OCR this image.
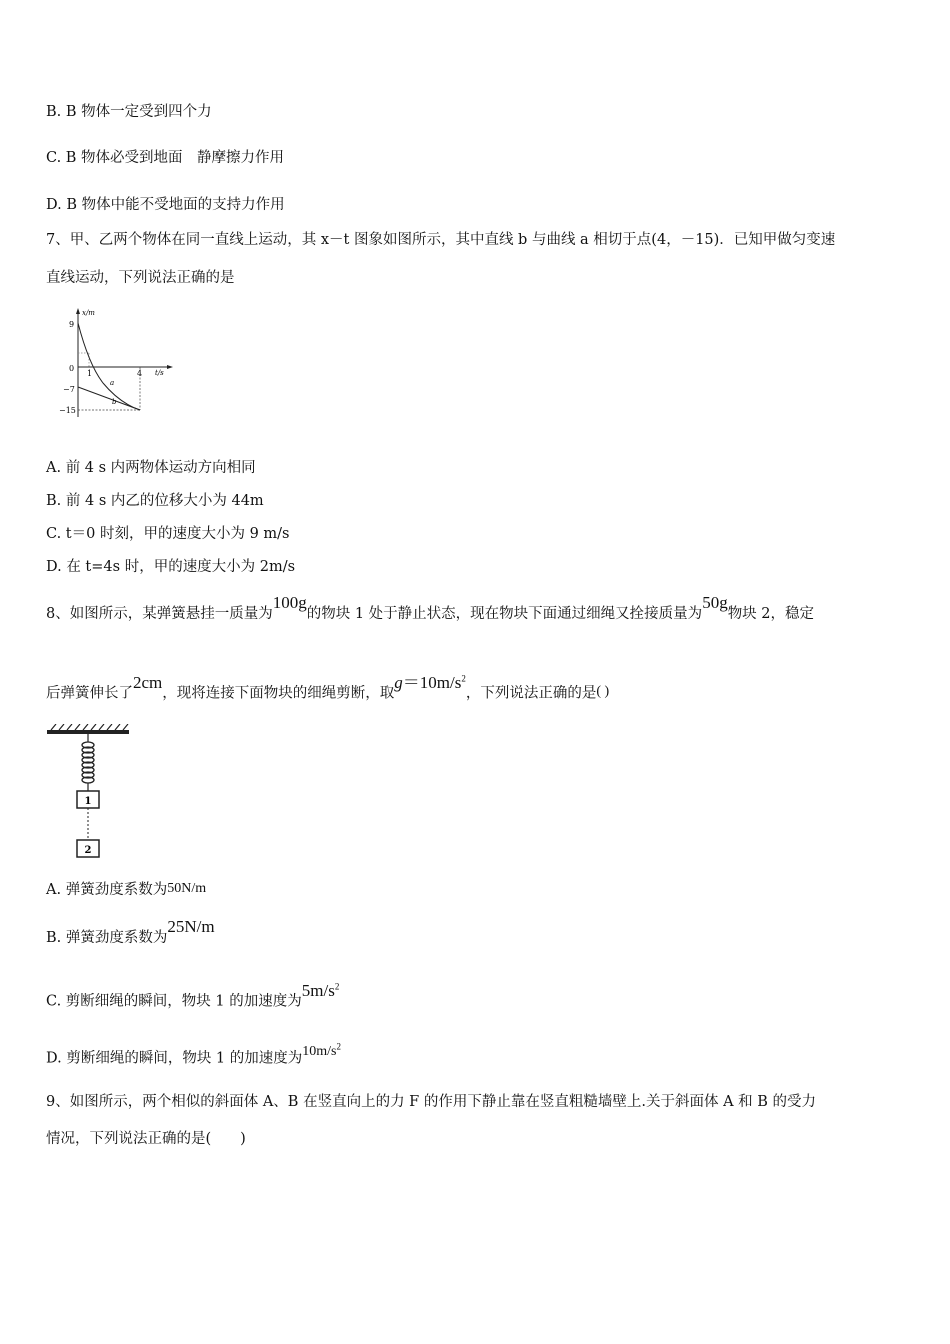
B. B 物体一定受到四个力
C. B 物体必受到地面　静摩擦力作用
D. B 物体中能不受地面的支持力作用
7、甲、乙两个物体在同一直线上运动，其 x－t 图象如图所示，其中直线 b 与曲线 a 相切于点(4，－15)．已知甲做匀变速
直线运动，下列说法正确的是
x/m
t/s
9
0
−7
−15
1	4
a
b
A. 前 4 s 内两物体运动方向相同
B. 前 4 s 内乙的位移大小为 44m
C. t＝0 时刻，甲的速度大小为 9 m/s
D. 在 t=4s 时，甲的速度大小为 2m/s
8、如图所示，某弹簧悬挂一质量为100g的物块 1 处于静止状态，现在物块下面通过细绳又拴接质量为50g物块 2，稳定
后弹簧伸长了2cm，现将连接下面物块的细绳剪断，取$g=10m/s^2$，下列说法正确的是( )
1
2
A. 弹簧劲度系数为50N/m
B. 弹簧劲度系数为25N/m
C. 剪断细绳的瞬间，物块 1 的加速度为$5m/s^2$
D. 剪断细绳的瞬间，物块 1 的加速度为$10m/s^2$
9、如图所示，两个相似的斜面体 A、B 在竖直向上的力 F 的作用下静止靠在竖直粗糙墙壁上.关于斜面体 A 和 B 的受力
情况，下列说法正确的是(　　)
